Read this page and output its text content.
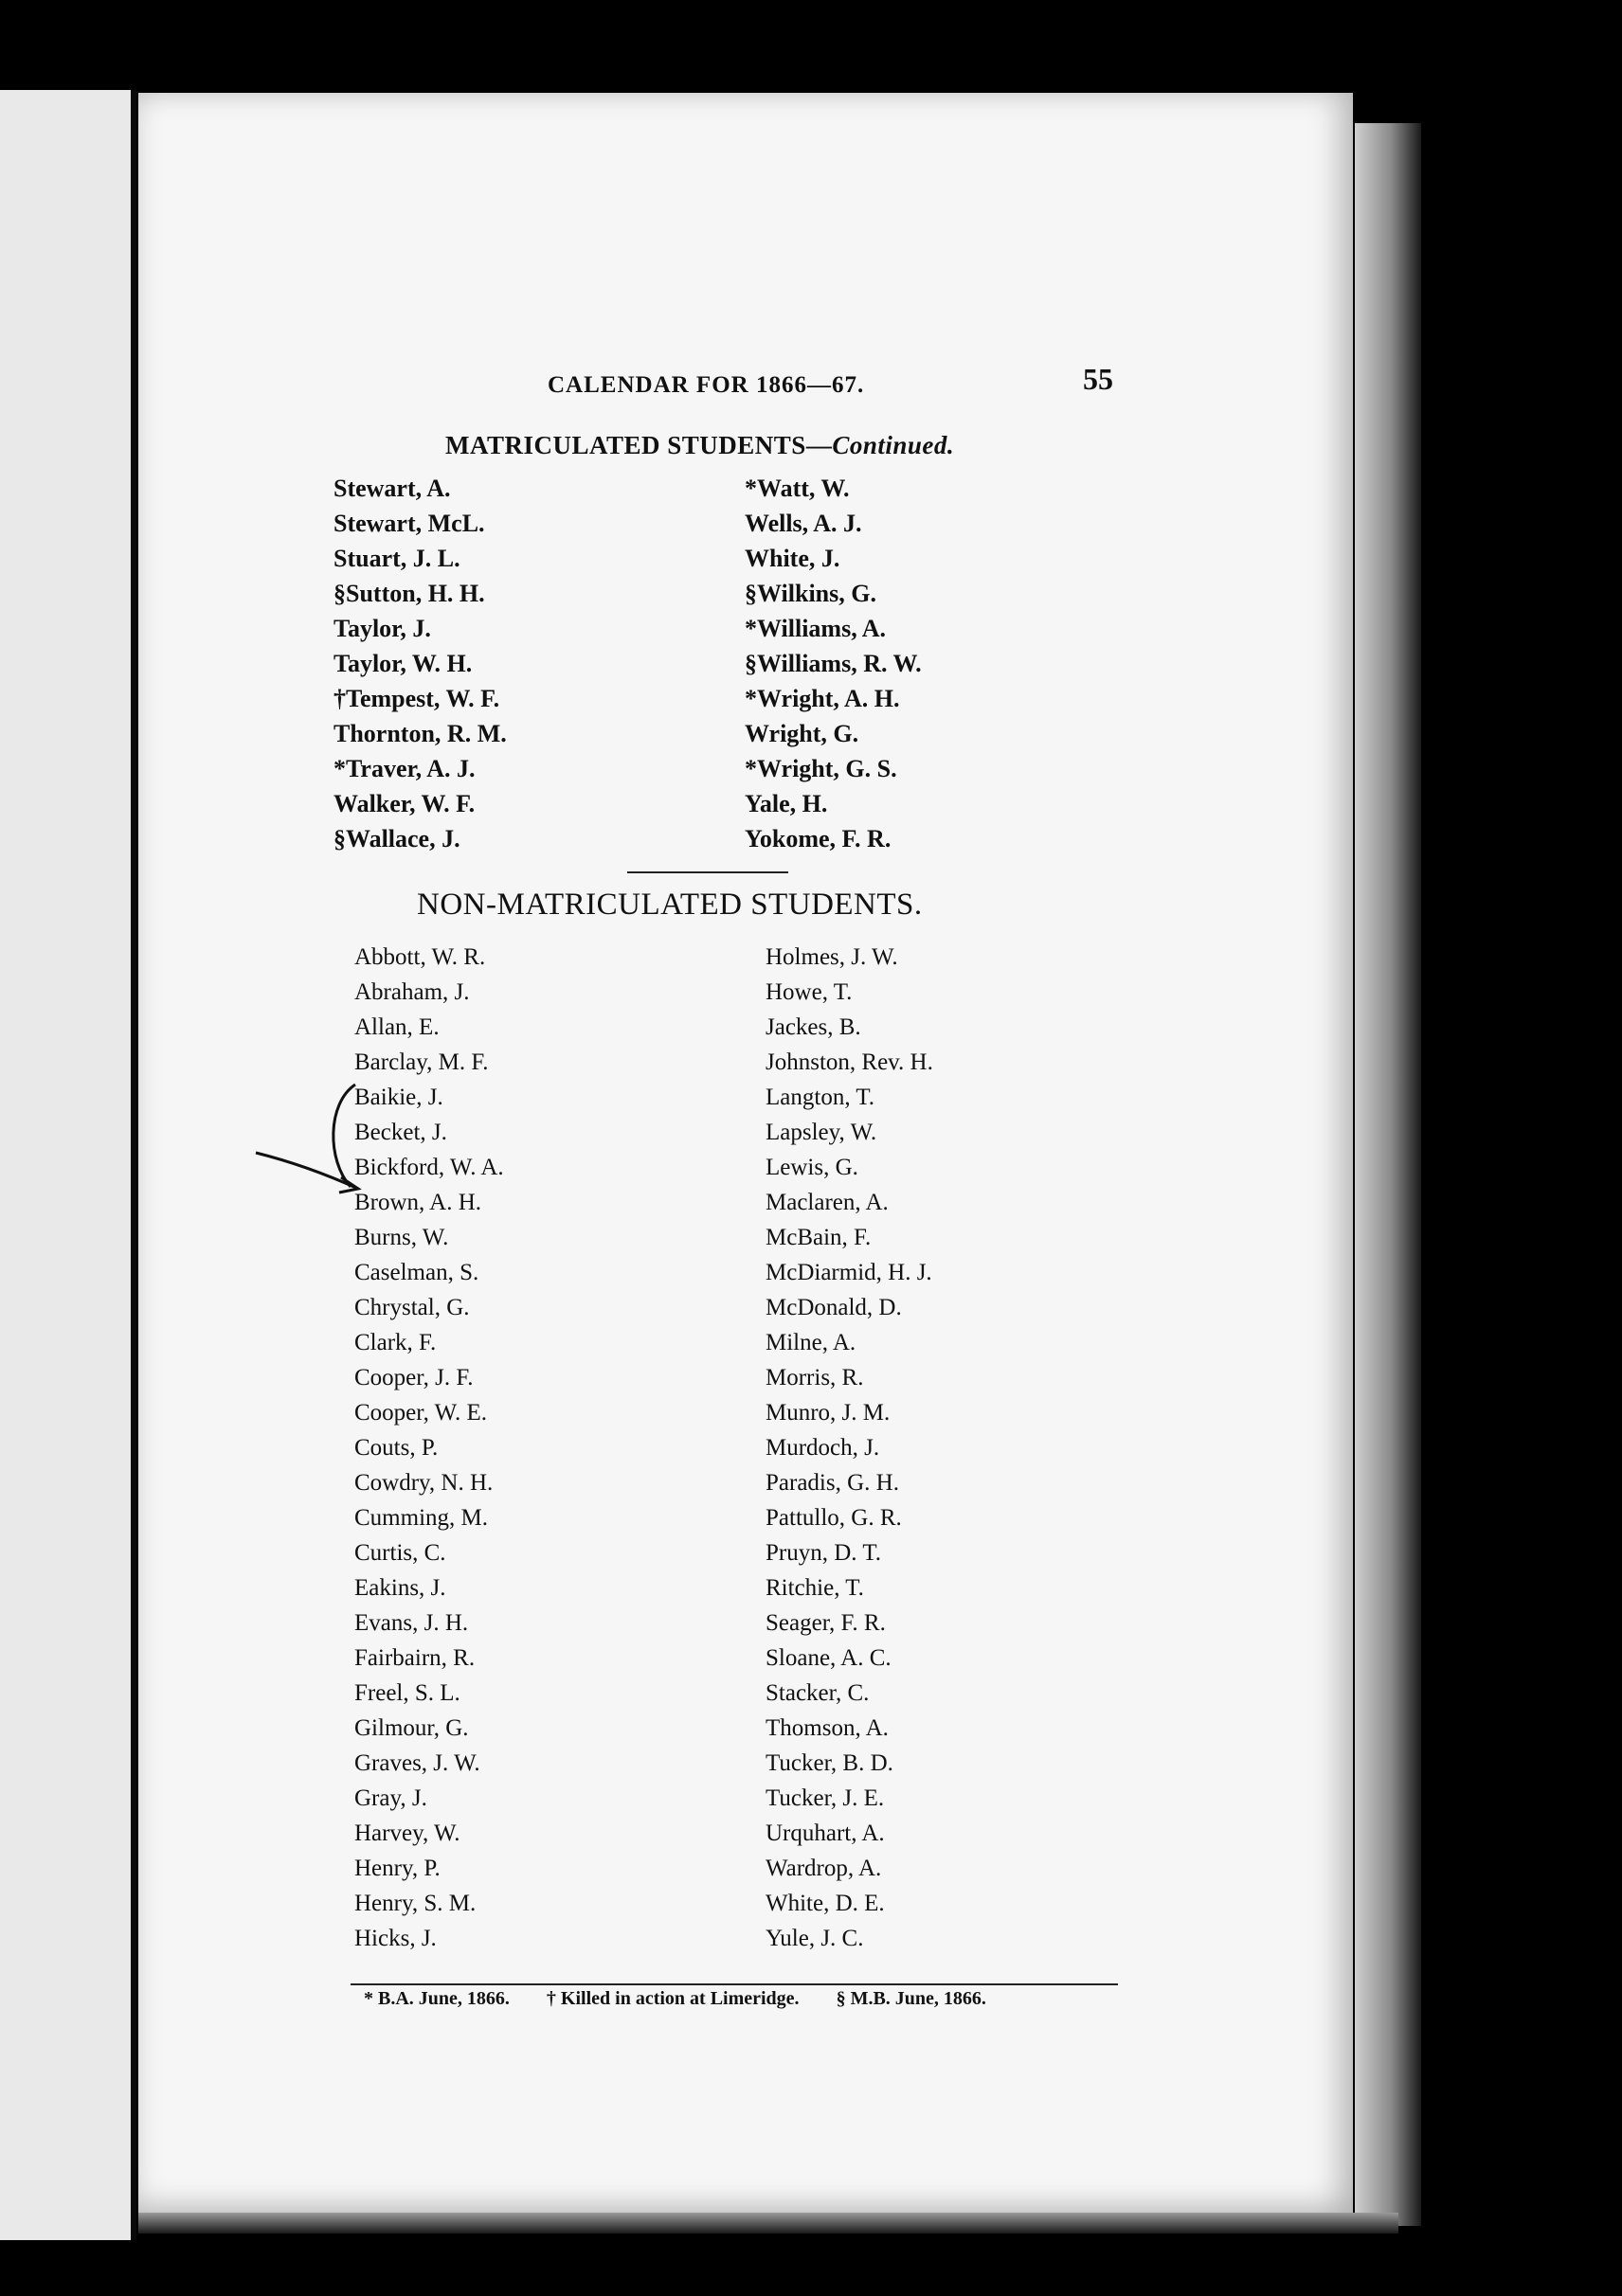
CALENDAR FOR 1866—67.	55
MATRICULATED STUDENTS—Continued.
Stewart, A.
Stewart, McL.
Stuart, J. L.
§Sutton, H. H.
Taylor, J.
Taylor, W. H.
†Tempest, W. F.
Thornton, R. M.
*Traver, A. J.
Walker, W. F.
§Wallace, J.
*Watt, W.
Wells, A. J.
White, J.
§Wilkins, G.
*Williams, A.
§Williams, R. W.
*Wright, A. H.
Wright, G.
*Wright, G. S.
Yale, H.
Yokome, F. R.
NON-MATRICULATED STUDENTS.
Abbott, W. R.
Abraham, J.
Allan, E.
Barclay, M. F.
Baikie, J.
Becket, J.
Bickford, W. A.
Brown, A. H.
Burns, W.
Caselman, S.
Chrystal, G.
Clark, F.
Cooper, J. F.
Cooper, W. E.
Couts, P.
Cowdry, N. H.
Cumming, M.
Curtis, C.
Eakins, J.
Evans, J. H.
Fairbairn, R.
Freel, S. L.
Gilmour, G.
Graves, J. W.
Gray, J.
Harvey, W.
Henry, P.
Henry, S. M.
Hicks, J.
Holmes, J. W.
Howe, T.
Jackes, B.
Johnston, Rev. H.
Langton, T.
Lapsley, W.
Lewis, G.
Maclaren, A.
McBain, F.
McDiarmid, H. J.
McDonald, D.
Milne, A.
Morris, R.
Munro, J. M.
Murdoch, J.
Paradis, G. H.
Pattullo, G. R.
Pruyn, D. T.
Ritchie, T.
Seager, F. R.
Sloane, A. C.
Stacker, C.
Thomson, A.
Tucker, B. D.
Tucker, J. E.
Urquhart, A.
Wardrop, A.
White, D. E.
Yule, J. C.
* B.A. June, 1866. † Killed in action at Limeridge. § M.B. June, 1866.
